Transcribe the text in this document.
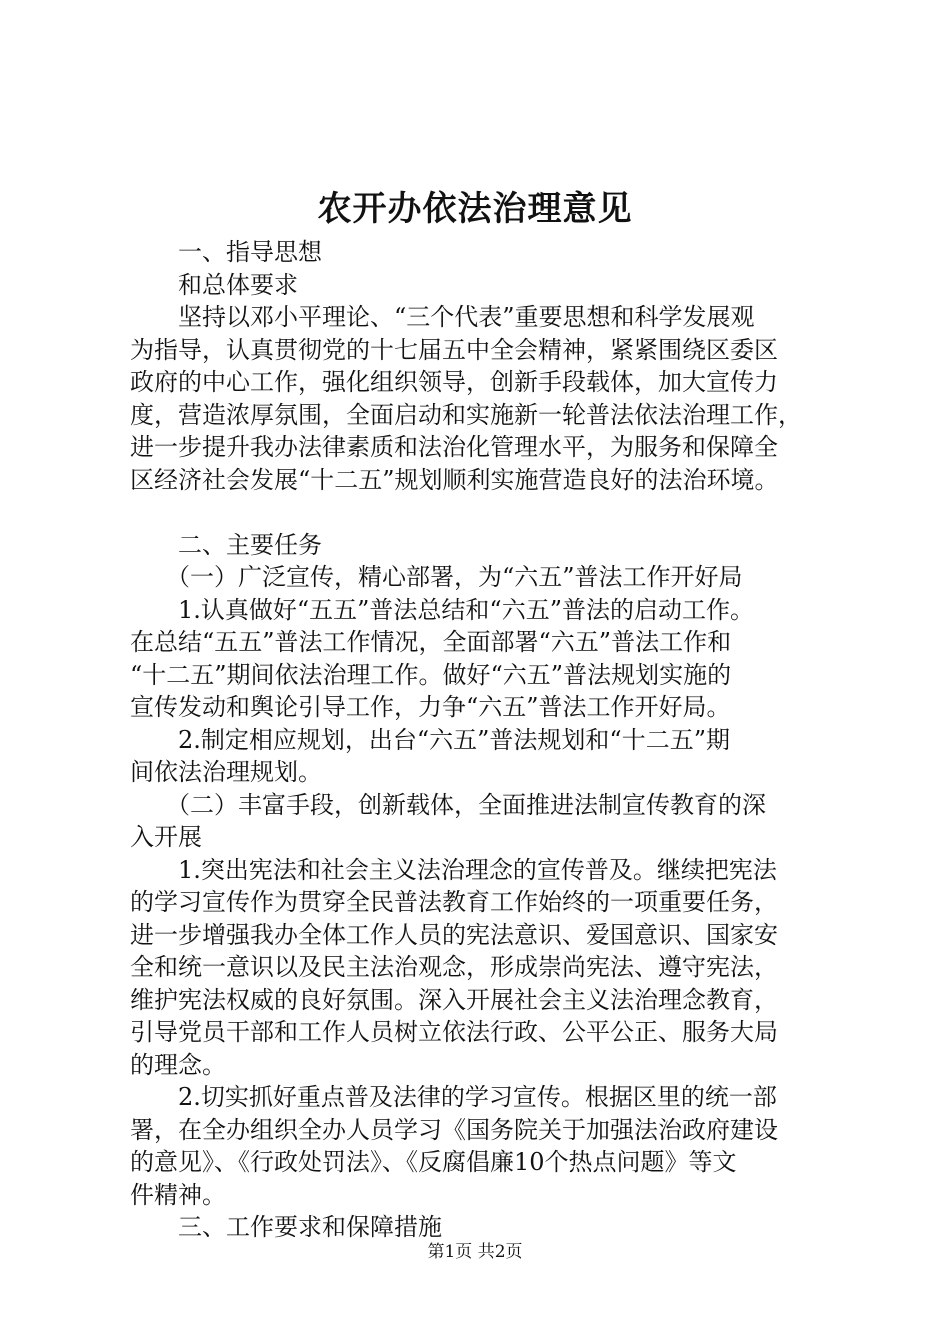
农开办依法治理意见

　　一、指导思想

　　和总体要求

　　坚持以邓小平理论、“三个代表”重要思想和科学发展观

为指导，认真贯彻党的十七届五中全会精神，紧紧围绕区委区

政府的中心工作，强化组织领导，创新手段载体，加大宣传力

度，营造浓厚氛围，全面启动和实施新一轮普法依法治理工作，

进一步提升我办法律素质和法治化管理水平，为服务和保障全

区经济社会发展“十二五”规划顺利实施营造良好的法治环境。

　　二、主要任务

　　（一）广泛宣传，精心部署，为“六五”普法工作开好局

　　1.认真做好“五五”普法总结和“六五”普法的启动工作。

在总结“五五”普法工作情况，全面部署“六五”普法工作和

“十二五”期间依法治理工作。做好“六五”普法规划实施的

宣传发动和舆论引导工作，力争“六五”普法工作开好局。

　　2.制定相应规划，出台“六五”普法规划和“十二五”期

间依法治理规划。

　　（二）丰富手段，创新载体，全面推进法制宣传教育的深

入开展

　　1.突出宪法和社会主义法治理念的宣传普及。继续把宪法

的学习宣传作为贯穿全民普法教育工作始终的一项重要任务，

进一步增强我办全体工作人员的宪法意识、爱国意识、国家安

全和统一意识以及民主法治观念，形成崇尚宪法、遵守宪法，

维护宪法权威的良好氛围。深入开展社会主义法治理念教育，

引导党员干部和工作人员树立依法行政、公平公正、服务大局

的理念。

　　2.切实抓好重点普及法律的学习宣传。根据区里的统一部

署，在全办组织全办人员学习《国务院关于加强法治政府建设

的意见》、《行政处罚法》、《反腐倡廉10个热点问题》等文

件精神。

　　三、工作要求和保障措施

第1页 共2页
